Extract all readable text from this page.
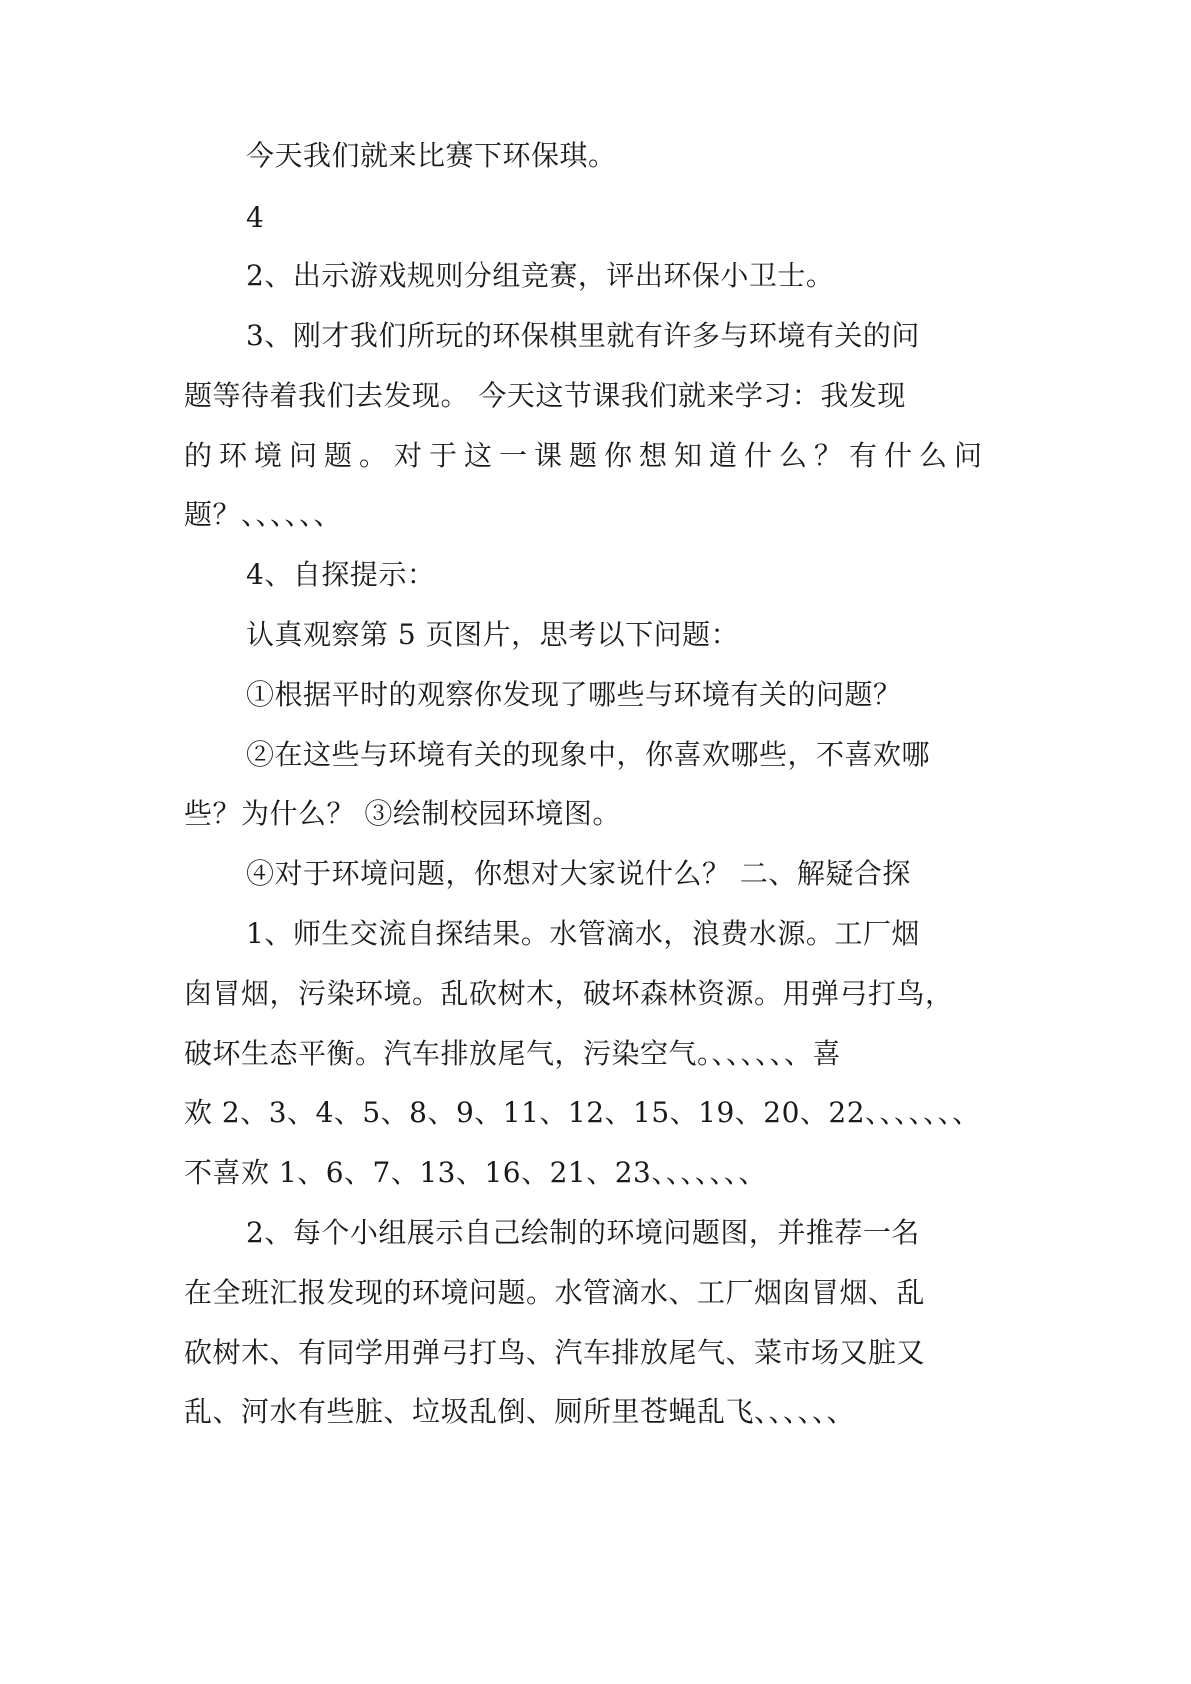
今天我们就来比赛下环保琪。
4
2、出示游戏规则分组竞赛，评出环保小卫士。
3、刚才我们所玩的环保棋里就有许多与环境有关的问
题等待着我们去发现。 今天这节课我们就来学习：我发现
的环境问题。对于这一课题你想知道什么？有什么问
题？、、、、、、
4、自探提示：
认真观察第 5 页图片，思考以下问题：
①根据平时的观察你发现了哪些与环境有关的问题？
②在这些与环境有关的现象中，你喜欢哪些，不喜欢哪
些？为什么？ ③绘制校园环境图。
④对于环境问题，你想对大家说什么？ 二、解疑合探
1、师生交流自探结果。水管滴水，浪费水源。工厂烟
囱冒烟，污染环境。乱砍树木，破坏森林资源。用弹弓打鸟，
破坏生态平衡。汽车排放尾气，污染空气。、、、、、、喜
欢 2、3、4、5、8、9、11、12、15、19、20、22、、、、、、、
不喜欢 1、6、7、13、16、21、23、、、、、、、
2、每个小组展示自己绘制的环境问题图，并推荐一名
在全班汇报发现的环境问题。水管滴水、工厂烟囱冒烟、乱
砍树木、有同学用弹弓打鸟、汽车排放尾气、菜市场又脏又
乱、河水有些脏、垃圾乱倒、厕所里苍蝇乱飞、、、、、、
